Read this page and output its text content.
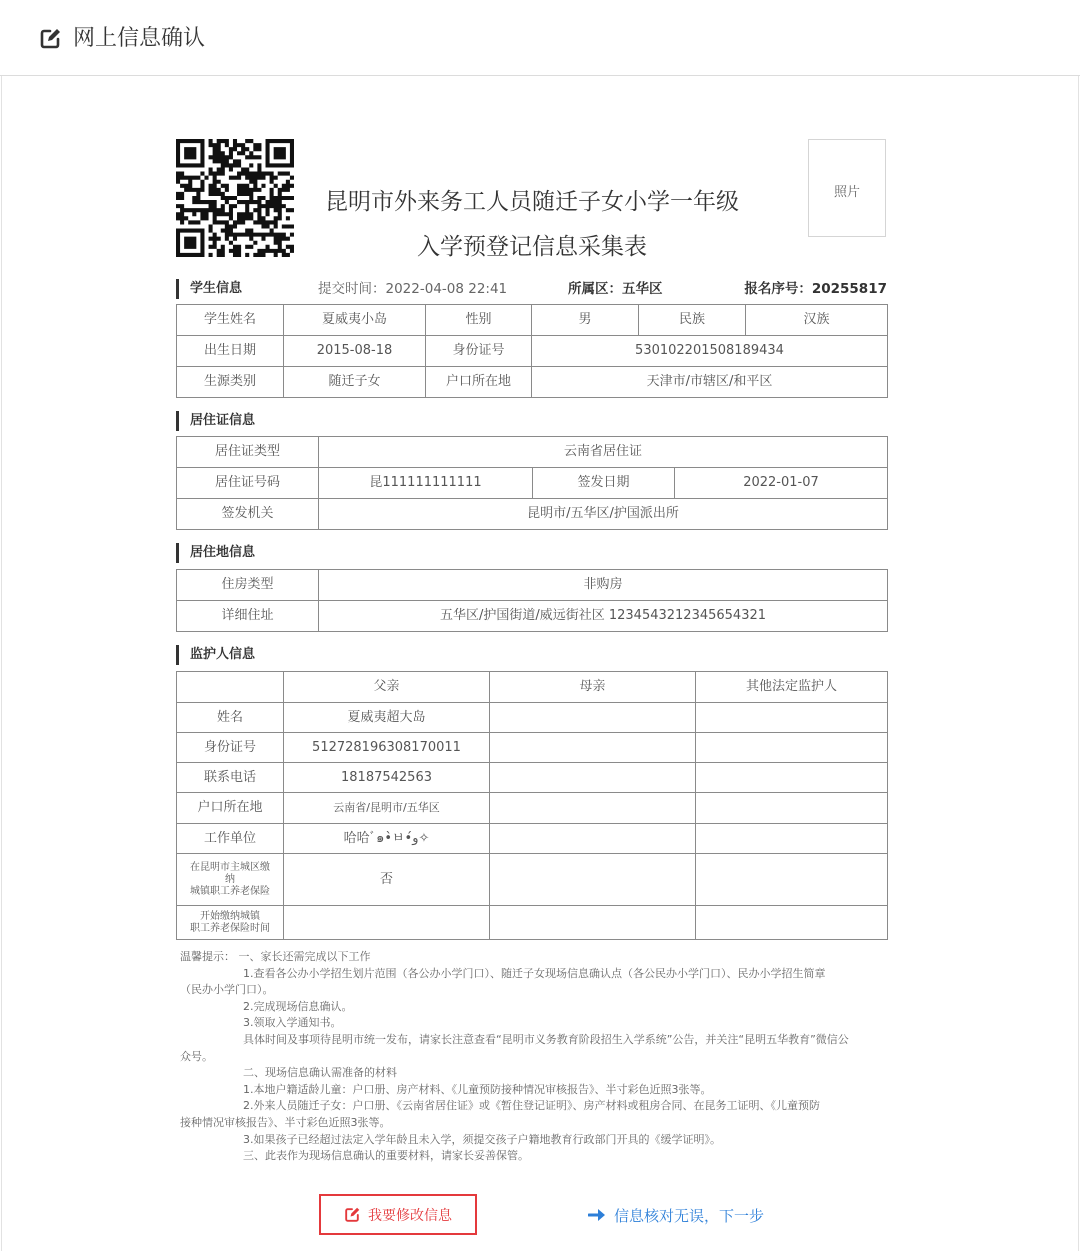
网上信息确认
照片
昆明市外来务工人员随迁子女小学一年级
入学预登记信息采集表
学生信息	提交时间：2022-04-08 22:41	所属区：五华区	报名序号：20255817
学生姓名	夏威夷小岛	性别	男	民族	汉族
出生日期	2015-08-18	身份证号	530102201508189434		
生源类别	随迁子女	户口所在地	天津市/市辖区/和平区		
居住证信息
居住证类型	云南省居住证		
居住证号码	昆111111111111	签发日期	2022-01-07
签发机关	昆明市/五华区/护国派出所		
居住地信息
住房类型	非购房
详细住址	五华区/护国街道/威远街社区 1234543212345654321
监护人信息
	父亲	母亲	其他法定监护人
姓名	夏威夷超大岛		
身份证号	512728196308170011		
联系电话	18187542563		
户口所在地	云南省/昆明市/五华区		
工作单位	哈哈ﾞ๑•̀ㅂ•́و✧		

在昆明市主城区缴
纳
城镇职工养老保险	否		

开始缴纳城镇
职工养老保险时间			

温馨提示： 一、家长还需完成以下工作

1.查看各公办小学招生划片范围（各公办小学门口）、随迁子女现场信息确认点（各公民办小学门口）、民办小学招生简章

（民办小学门口）。

2.完成现场信息确认。

3.领取入学通知书。

具体时间及事项待昆明市统一发布，请家长注意查看“昆明市义务教育阶段招生入学系统”公告，并关注“昆明五华教育”微信公

众号。

二、现场信息确认需准备的材料

1.本地户籍适龄儿童：户口册、房产材料、《儿童预防接种情况审核报告》、半寸彩色近照3张等。

2.外来人员随迁子女：户口册、《云南省居住证》或《暂住登记证明》、房产材料或租房合同、在昆务工证明、《儿童预防

接种情况审核报告》、半寸彩色近照3张等。

3.如果孩子已经超过法定入学年龄且未入学，须提交孩子户籍地教育行政部门开具的《缓学证明》。

三、此表作为现场信息确认的重要材料，请家长妥善保管。

我要修改信息	信息核对无误，下一步
